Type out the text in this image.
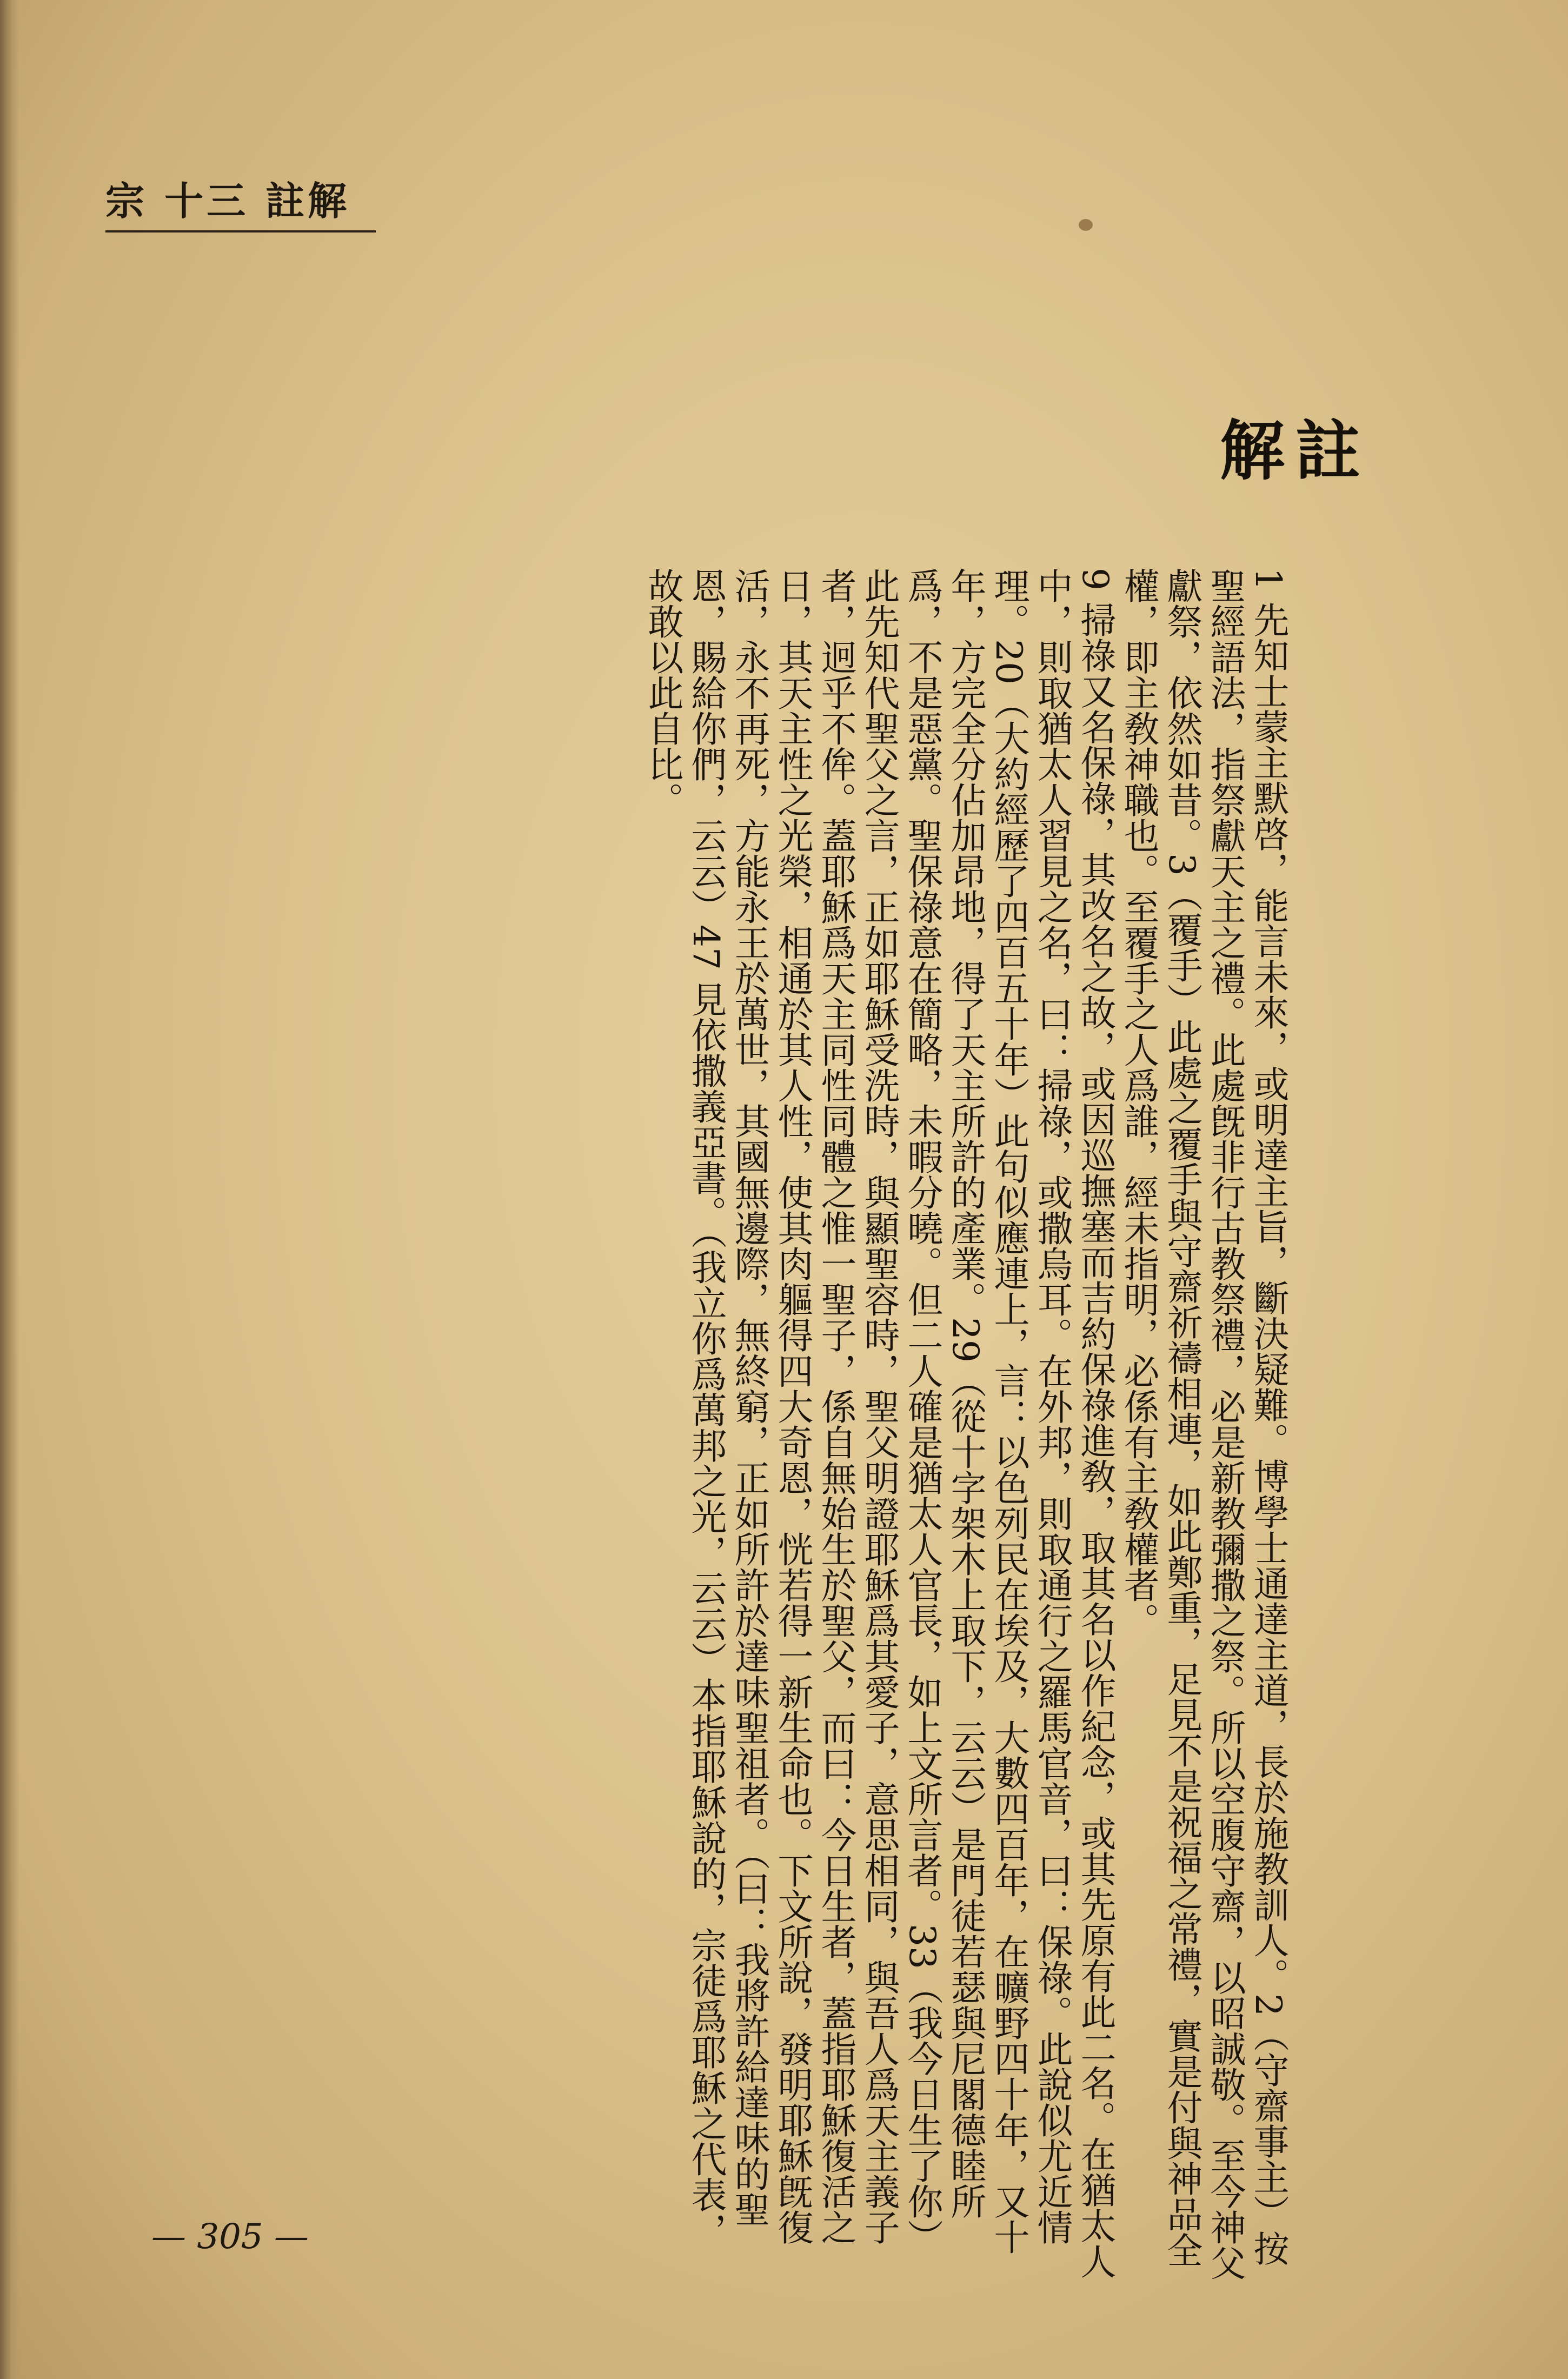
宗 十三 註解
註解

1 先知士蒙主默啓，能言未來，或明達主旨，斷決疑難。博學士通達主道，長於施教訓人。2（守齋事主）按聖經語法，指祭獻天主之禮。此處旣非行古教祭禮，必是新教彌撒之祭。所以空腹守齋，以昭誠敬。至今神父獻祭，依然如昔。3（覆手）此處之覆手與守齋祈禱相連，如此鄭重，足見不是祝福之常禮，實是付與神品全權，即主敎神職也。至覆手之人爲誰，經未指明，必係有主敎權者。

9 掃祿又名保祿，其改名之故，或因巡撫塞而吉約保祿進敎，取其名以作紀念，或其先原有此二名。在猶太人中，則取猶太人習見之名，曰：掃祿，或撒烏耳。在外邦，則取通行之羅馬官音，曰：保祿。此說似尤近情理。20（大約經歷了四百五十年）此句似應連上，言：以色列民在埃及，大數四百年，在曠野四十年，又十年，方完全分佔加昂地，得了天主所許的產業。29（從十字架木上取下，云云）是門徒若瑟與尼閣德睦所爲，不是惡黨。聖保祿意在簡略，未暇分曉。但二人確是猶太人官長，如上文所言者。33（我今日生了你）此先知代聖父之言，正如耶穌受洗時，與顯聖容時，聖父明證耶穌爲其愛子，意思相同，與吾人爲天主義子者，迥乎不侔。蓋耶穌爲天主同性同體之惟一聖子，係自無始生於聖父，而曰：今日生者，蓋指耶穌復活之日，其天主性之光榮，相通於其人性，使其肉軀得四大奇恩，恍若得一新生命也。下文所說，發明耶穌旣復活，永不再死，方能永王於萬世，其國無邊際，無終窮，正如所許於達味聖祖者。（曰：我將許給達味的聖恩，賜給你們，云云）47 見依撒義亞書。（我立你爲萬邦之光，云云）本指耶穌說的，宗徒爲耶穌之代表，故敢以此自比。

— 305 —
